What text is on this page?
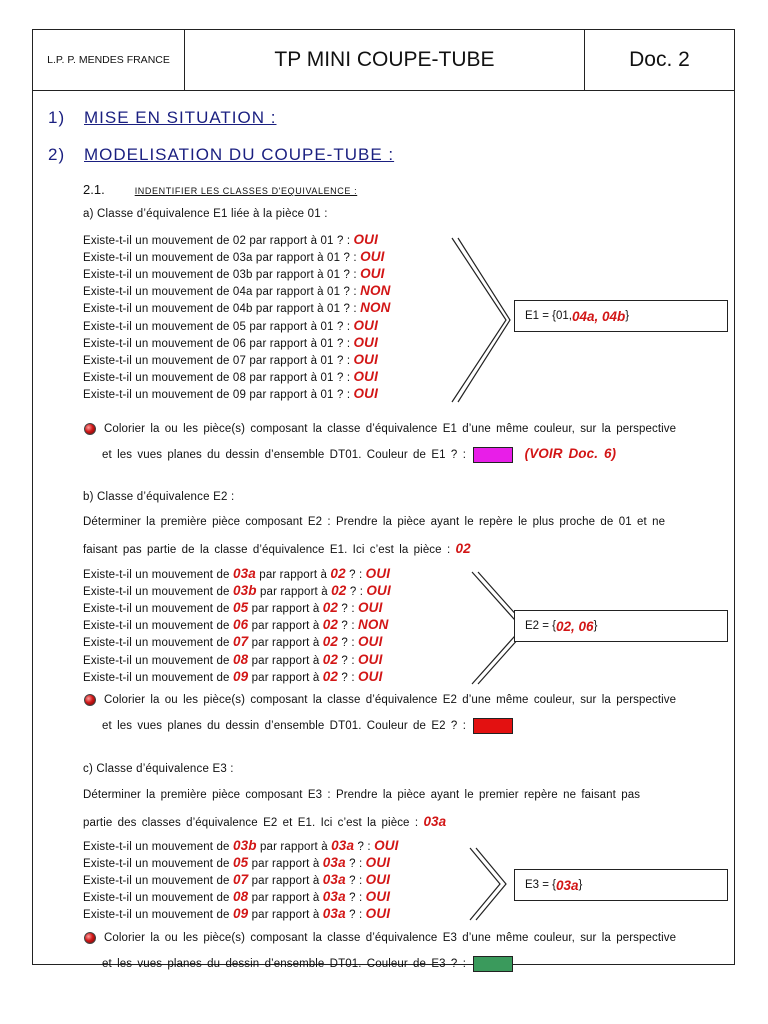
L.P. P. MENDES FRANCE	TP MINI COUPE-TUBE	Doc. 2
1) MISE EN SITUATION :
2) MODELISATION DU COUPE-TUBE :
2.1.	INDENTIFIER LES CLASSES D'EQUIVALENCE :
a) Classe d’équivalence E1 liée à la pièce 01 :
Existe-t-il un mouvement de 02 par rapport à 01 ? : OUI
Existe-t-il un mouvement de 03a par rapport à 01 ? : OUI
Existe-t-il un mouvement de 03b par rapport à 01 ? : OUI
Existe-t-il un mouvement de 04a par rapport à 01 ? : NON
Existe-t-il un mouvement de 04b par rapport à 01 ? : NON
Existe-t-il un mouvement de 05 par rapport à 01 ? : OUI
Existe-t-il un mouvement de 06 par rapport à 01 ? : OUI
Existe-t-il un mouvement de 07 par rapport à 01 ? : OUI
Existe-t-il un mouvement de 08 par rapport à 01 ? : OUI
Existe-t-il un mouvement de 09 par rapport à 01 ? : OUI
E1 = {01, 04a, 04b }
Colorier la ou les pièce(s) composant la classe d’équivalence E1 d’une même couleur, sur la perspective
et les vues planes du dessin d’ensemble DT01. Couleur de E1 ? :	(VOIR Doc. 6)
b) Classe d’équivalence E2 :
Déterminer la première pièce composant E2 : Prendre la pièce ayant le repère le plus proche de 01 et ne
faisant pas partie de la classe d’équivalence E1. Ici c’est la pièce : 02
Existe-t-il un mouvement de 03a par rapport à 02 ? : OUI
Existe-t-il un mouvement de 03b par rapport à 02 ? : OUI
Existe-t-il un mouvement de 05 par rapport à 02 ? : OUI
Existe-t-il un mouvement de 06 par rapport à 02 ? : NON
Existe-t-il un mouvement de 07 par rapport à 02 ? : OUI
Existe-t-il un mouvement de 08 par rapport à 02 ? : OUI
Existe-t-il un mouvement de 09 par rapport à 02 ? : OUI
E2 = { 02, 06 }
Colorier la ou les pièce(s) composant la classe d’équivalence E2 d’une même couleur, sur la perspective
et les vues planes du dessin d’ensemble DT01. Couleur de E2 ? :
c) Classe d’équivalence E3 :
Déterminer la première pièce composant E3 : Prendre la pièce ayant le premier repère ne faisant pas
partie des classes d’équivalence E2 et E1. Ici c’est la pièce : 03a
Existe-t-il un mouvement de 03b par rapport à 03a ? : OUI
Existe-t-il un mouvement de 05 par rapport à 03a ? : OUI
Existe-t-il un mouvement de 07 par rapport à 03a ? : OUI
Existe-t-il un mouvement de 08 par rapport à 03a ? : OUI
Existe-t-il un mouvement de 09 par rapport à 03a ? : OUI
E3 = { 03a }
Colorier la ou les pièce(s) composant la classe d’équivalence E3 d’une même couleur, sur la perspective
et les vues planes du dessin d’ensemble DT01. Couleur de E3 ? :
